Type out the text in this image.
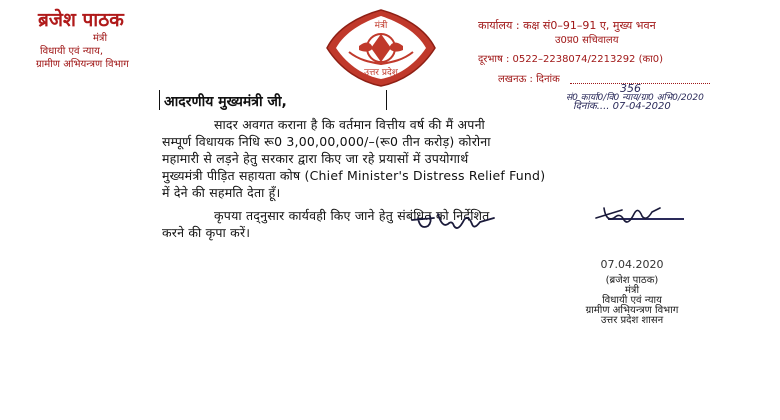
ब्रजेश पाठक
मंत्री
विधायी एवं न्याय,
ग्रामीण अभियन्त्रण विभाग
मंत्री
उत्तर प्रदेश
कार्यालय : कक्ष सं0–91–91 ए, मुख्य भवन
उ0प्र0 सचिवालय
दूरभाष : 0522–2238074/2213292 (का0)
लखनऊ : दिनांक
356
सं0 कार्या0/वि0 न्याय/ग्रा0 अभि0/2020
दिनांक.... 07-04-2020
आदरणीय मुख्यमंत्री जी,
सादर अवगत कराना है कि वर्तमान वित्तीय वर्ष की मैं अपनी
सम्पूर्ण विधायक निधि रू0 3,00,00,000/–(रू0 तीन करोड़) कोरोना
महामारी से लड़ने हेतु सरकार द्वारा किए जा रहे प्रयासों में उपयोगार्थ
मुख्यमंत्री पीड़ित सहायता कोष (Chief Minister's Distress Relief Fund)
में देने की सहमति देता हूँ।
कृपया तद्नुसार कार्यवही किए जाने हेतु संबंधित को निर्देशित
करने की कृपा करें।
07.04.2020
(ब्रजेश पाठक)
मंत्री
विधायी एवं न्याय
ग्रामीण अभियन्त्रण विभाग
उत्तर प्रदेश शासन
